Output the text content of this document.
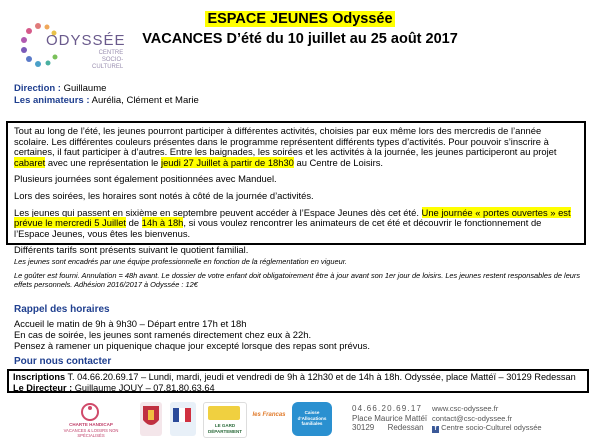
ODYSSÉE
CENTRE
SOCIO-
CULTUREL
ESPACE JEUNES Odyssée
VACANCES D’été du 10 juillet au 25 août 2017
Direction : Guillaume
Les animateurs : Aurélia, Clément et Marie

Tout au long de l’été, les jeunes pourront participer à différentes activités, choisies par eux même lors des mercredis de l’année scolaire. Les différentes couleurs présentes dans le programme représentent différents types d’activités. Pour pouvoir s’inscrire à certaines, il faut participer à d’autres. Entre les baignades, les soirées et les activités à la journée, les jeunes participeront au projet cabaret avec une représentation le jeudi 27 Juillet à partir de 18h30 au Centre de Loisirs.

Plusieurs journées sont également positionnées avec Manduel.

Lors des soirées, les horaires sont notés à côté de la journée d’activités.

Les jeunes qui passent en sixième en septembre peuvent accéder à l’Espace Jeunes dès cet été. Une journée « portes ouvertes » est prévue le mercredi 5 Juillet de 14h à 18h, si vous voulez rencontrer les animateurs de cet été et découvrir le fonctionnement de l’Espace Jeunes, vous êtes les bienvenus.

Différents tarifs sont présents suivant le quotient familial.

Les jeunes sont encadrés par une équipe professionnelle en fonction de la réglementation en vigueur.

Le goûter est fourni. Annulation = 48h avant. Le dossier de votre enfant doit obligatoirement être à jour avant son 1er jour de loisirs. Les jeunes restent responsables de leurs effets personnels. Adhésion 2016/2017 à Odyssée : 12€

Rappel des horaires
Accueil le matin de 9h à 9h30 – Départ entre 17h et 18h
En cas de soirée, les jeunes sont ramenés directement chez eux à 22h.
Pensez à ramener un piquenique chaque jour excepté lorsque des repas sont prévus.
Pour nous contacter
Inscriptions T. 04.66.20.69.17 – Lundi, mardi, jeudi et vendredi de 9h à 12h30 et de 14h à 18h. Odyssée, place Mattéï – 30129 Redessan
Le Directeur : Guillaume JOUY – 07.81.80.63.64
CHARTE HANDICAP
VACANCES & LOISIRS NON SPÉCIALISÉS
LE GARD DÉPARTEMENT
les Francas	Caisse d’Allocations familiales
04.66.20.69.17
Place Maurice Mattéï
30129      Redessan
www.csc-odyssee.fr
contact@csc-odyssee.fr
f Centre socio-Culturel odyssée
